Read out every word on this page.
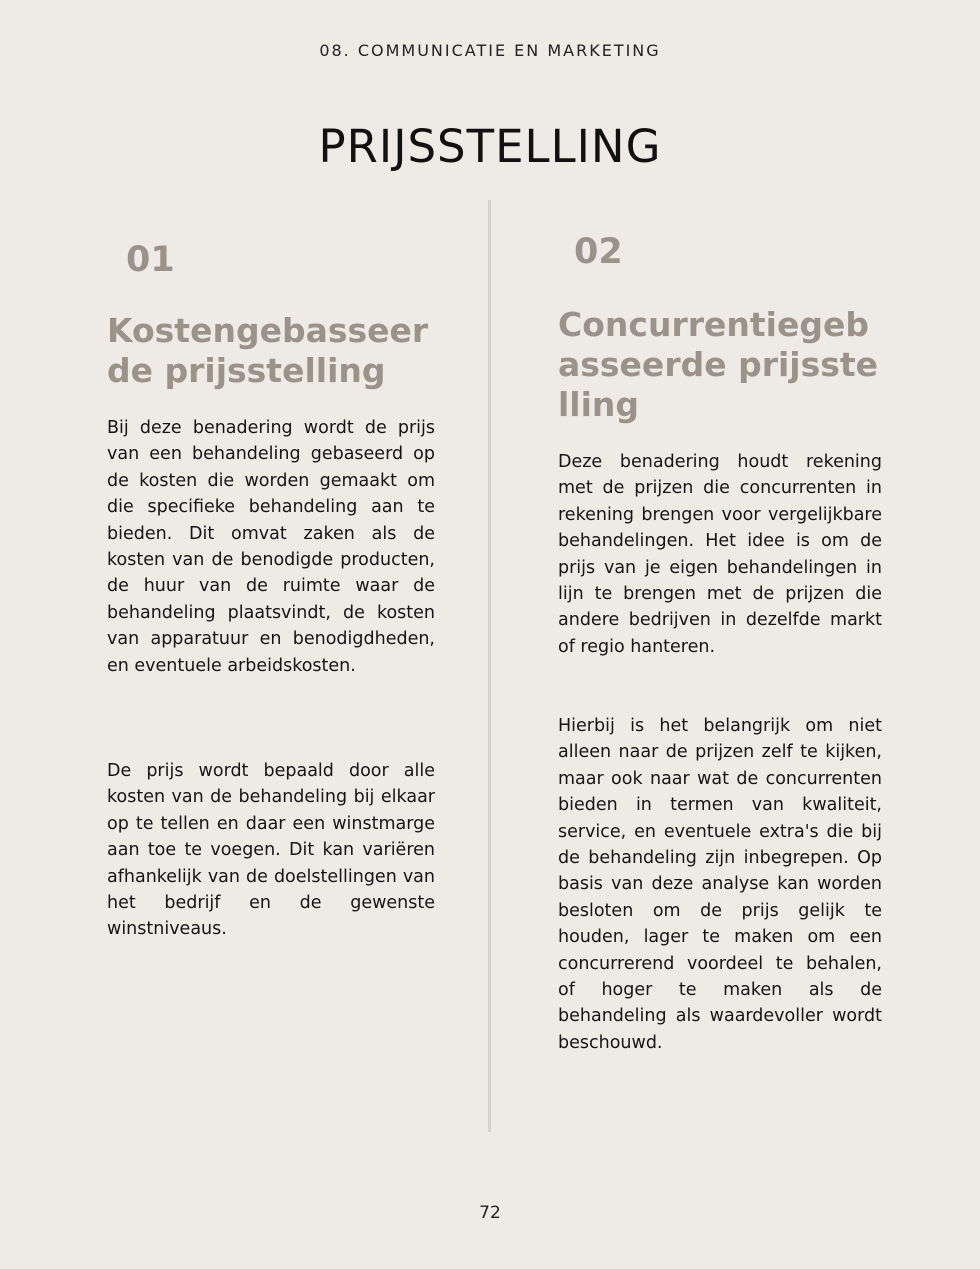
08. COMMUNICATIE EN MARKETING
PRIJSSTELLING
01
Kostengebasseerde prijsstelling

Bij deze benadering wordt de prijs van een behandeling gebaseerd op de kosten die worden gemaakt om die specifieke behandeling aan te bieden. Dit omvat zaken als de kosten van de benodigde producten, de huur van de ruimte waar de behandeling plaatsvindt, de kosten van apparatuur en benodigdheden, en eventuele arbeidskosten.

De prijs wordt bepaald door alle kosten van de behandeling bij elkaar op te tellen en daar een winstmarge aan toe te voegen. Dit kan variëren afhankelijk van de doelstellingen van het bedrijf en de gewenste winstniveaus.

02
Concurrentiegebasseerde prijsstelling

Deze benadering houdt rekening met de prijzen die concurrenten in rekening brengen voor vergelijkbare behandelingen. Het idee is om de prijs van je eigen behandelingen in lijn te brengen met de prijzen die andere bedrijven in dezelfde markt of regio hanteren.

Hierbij is het belangrijk om niet alleen naar de prijzen zelf te kijken, maar ook naar wat de concurrenten bieden in termen van kwaliteit, service, en eventuele extra's die bij de behandeling zijn inbegrepen. Op basis van deze analyse kan worden besloten om de prijs gelijk te houden, lager te maken om een concurrerend voordeel te behalen, of hoger te maken als de behandeling als waardevoller wordt beschouwd.

72
